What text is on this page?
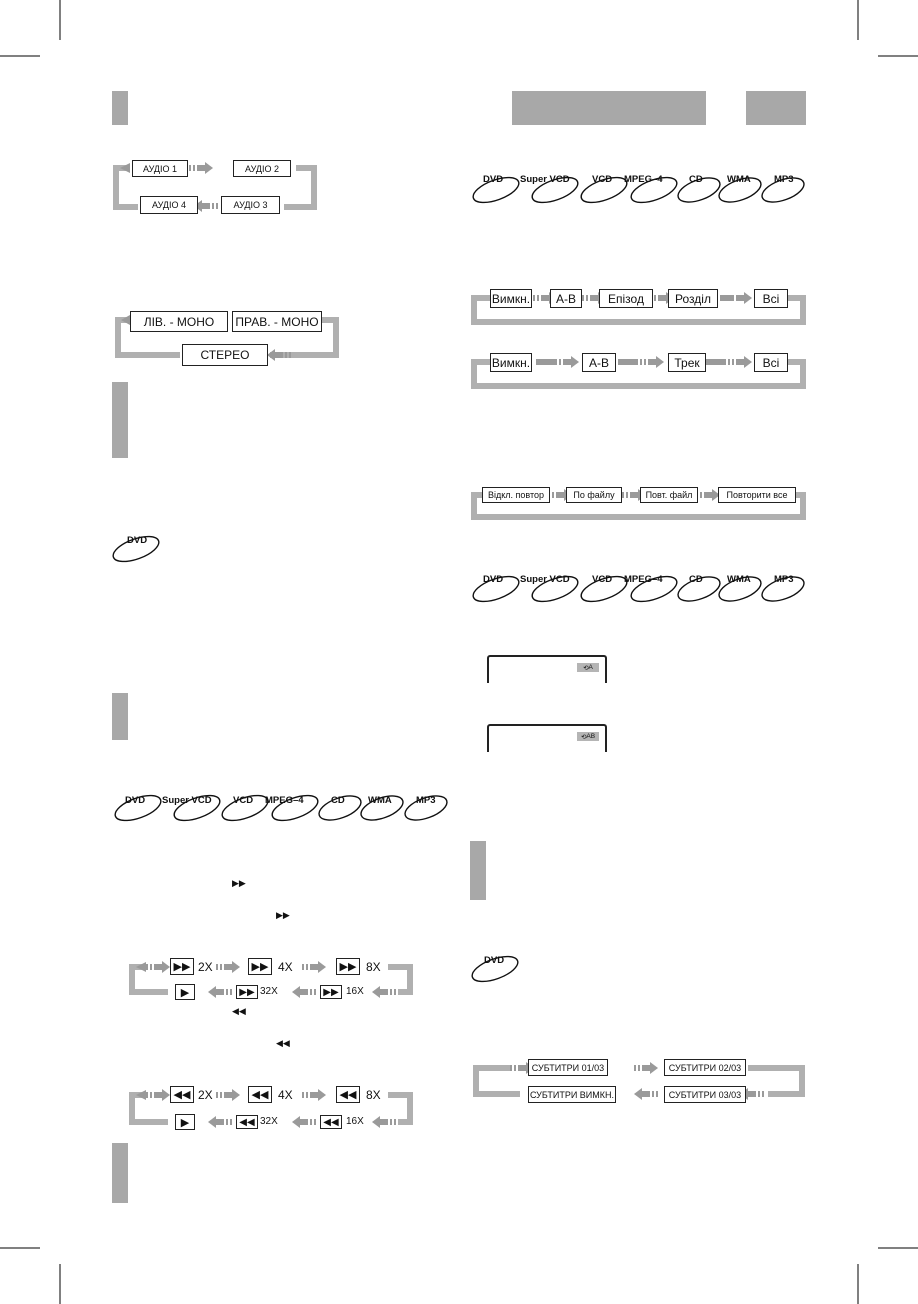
DVD Super VCD VCD MPEG–4	CD	WMA MP3
DVD Super VCD VCD MPEG–4	CD	WMA MP3
DVD Super VCD VCD MPEG–4	CD WMA	MP3
DVD
DVD
АУДІО 1	АУДІО 2
АУДІО 4	АУДІО 3
ЛІВ. - МОНО	ПРАВ. - МОНО
СТЕРЕО
Вимкн.	A-B	Епізод	Розділ	Всі
Вимкн.	A-B	Трек	Всі
Відкл. повтор	По файлу	Повт. файл	Повторити все
⟲ A
⟲ AB
▶▶
▶▶
◀◀
◀◀
▶▶ 2X	▶▶ 4X	▶▶ 8X
▶	▶▶ 32X	▶▶ 16X
◀◀ 2X	◀◀ 4X	◀◀ 8X
▶	◀◀ 32X	◀◀ 16X
СУБТИТРИ 01/03	СУБТИТРИ 02/03
СУБТИТРИ ВИМКН.	СУБТИТРИ 03/03
